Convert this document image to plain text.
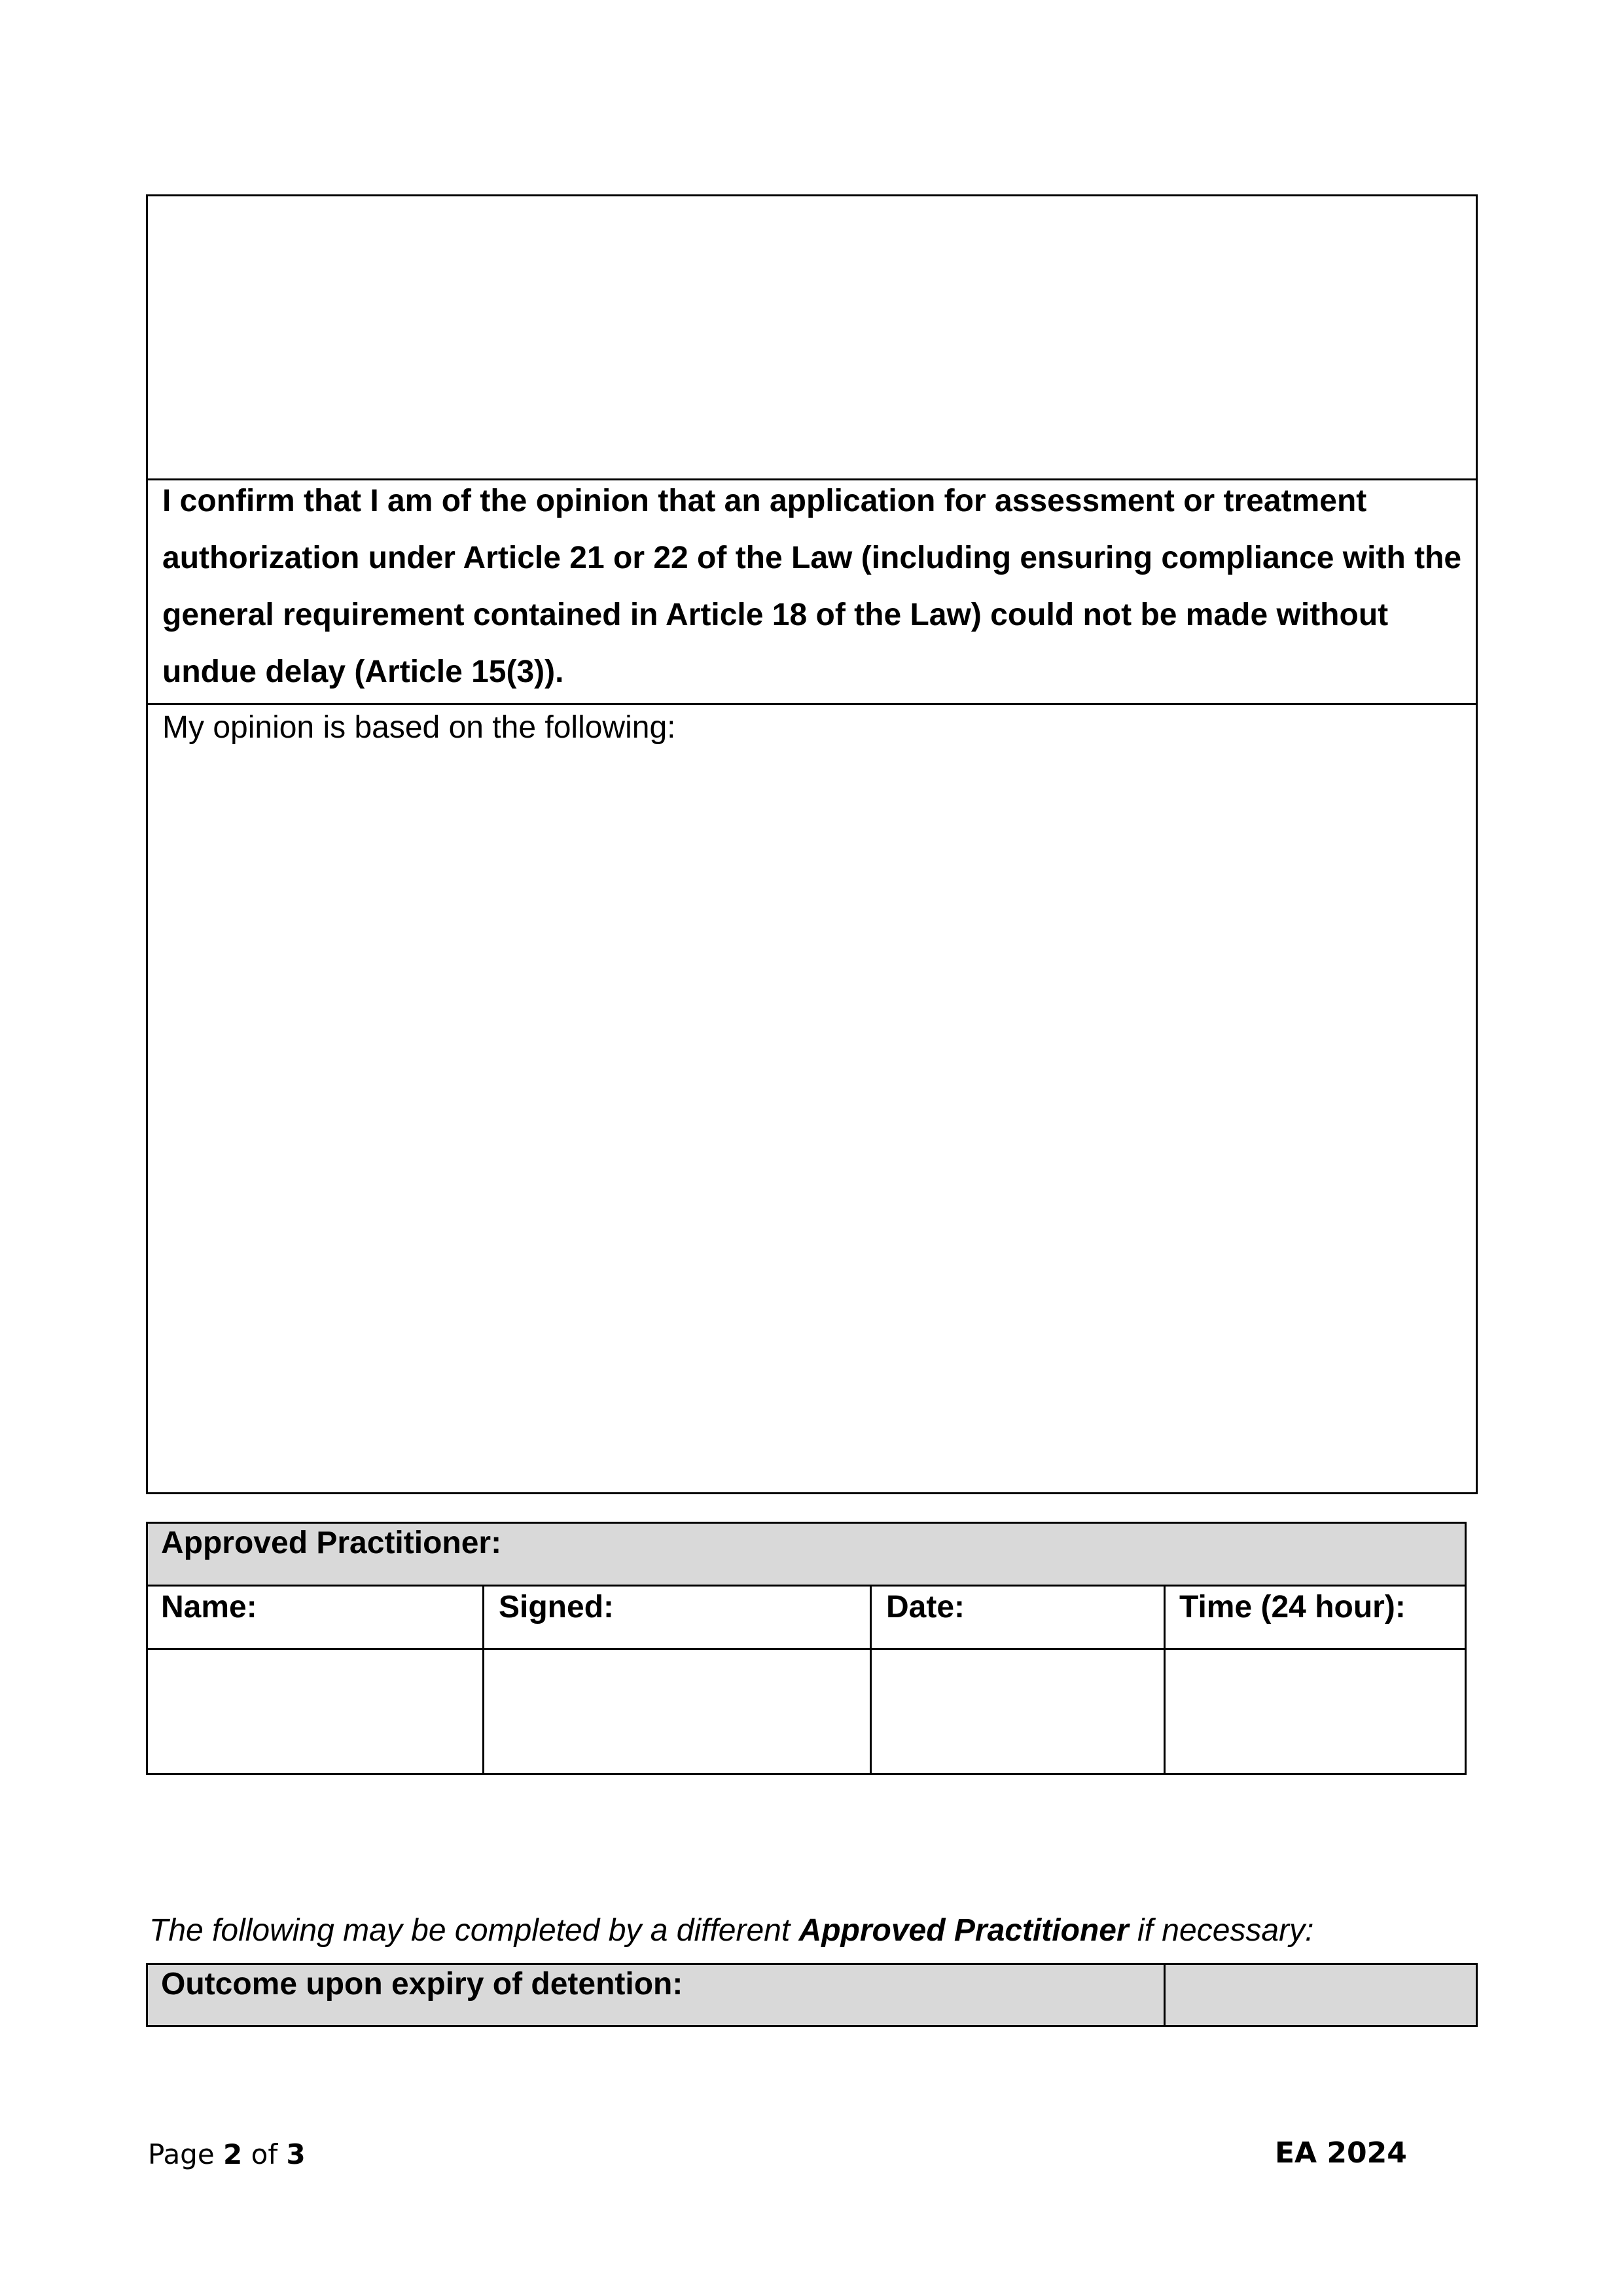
I confirm that I am of the opinion that an application for assessment or treatment authorization under Article 21 or 22 of the Law (including ensuring compliance with the general requirement contained in Article 18 of the Law) could not be made without undue delay (Article 15(3)).

My opinion is based on the following:

Approved Practitioner:

Name:	Signed:	Date:	Time (24 hour):

The following may be completed by a different Approved Practitioner if necessary:

Outcome upon expiry of detention:

Page 2 of 3	EA 2024
